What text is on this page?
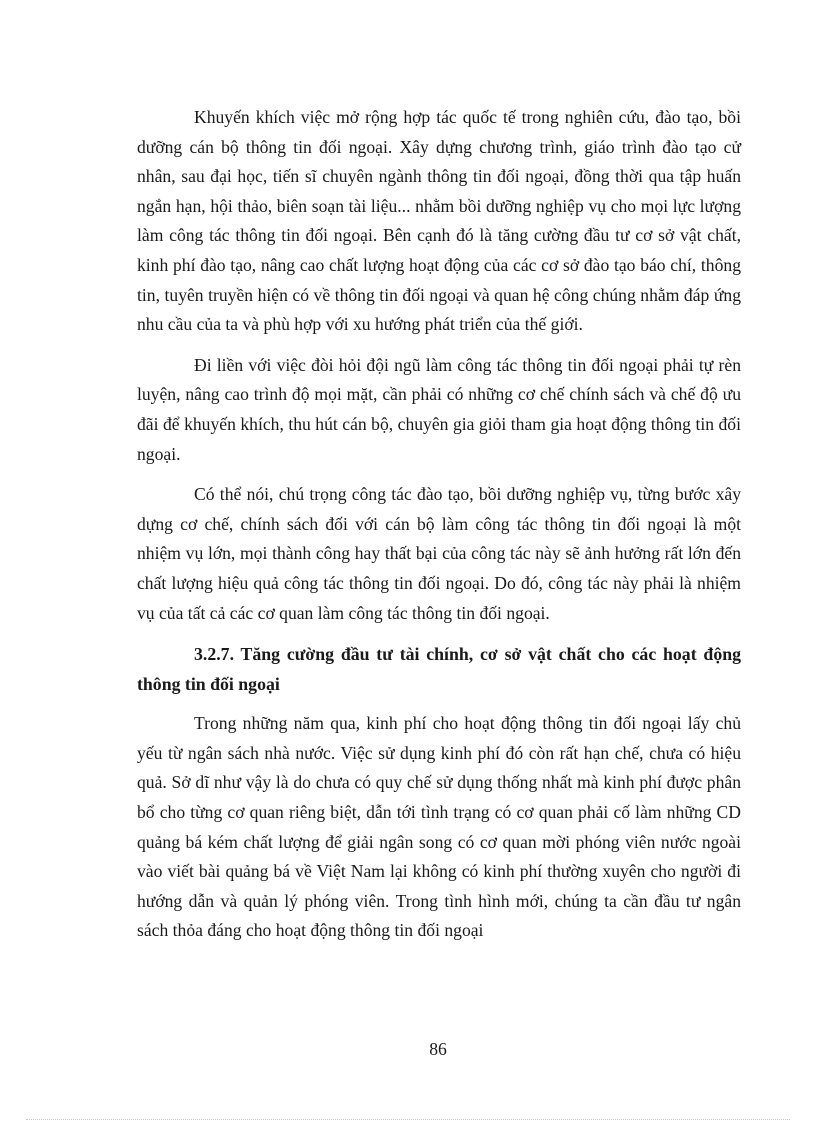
Khuyến khích việc mở rộng hợp tác quốc tế trong nghiên cứu, đào tạo, bồi dưỡng cán bộ thông tin đối ngoại. Xây dựng chương trình, giáo trình đào tạo cử nhân, sau đại học, tiến sĩ chuyên ngành thông tin đối ngoại, đồng thời qua tập huấn ngắn hạn, hội thảo, biên soạn tài liệu... nhằm bồi dưỡng nghiệp vụ cho mọi lực lượng làm công tác thông tin đối ngoại. Bên cạnh đó là tăng cường đầu tư cơ sở vật chất, kinh phí đào tạo, nâng cao chất lượng hoạt động của các cơ sở đào tạo báo chí, thông tin, tuyên truyền hiện có về thông tin đối ngoại và quan hệ công chúng nhằm đáp ứng nhu cầu của ta và phù hợp với xu hướng phát triển của thế giới.

Đi liền với việc đòi hỏi đội ngũ làm công tác thông tin đối ngoại phải tự rèn luyện, nâng cao trình độ mọi mặt, cần phải có những cơ chế chính sách và chế độ ưu đãi để khuyến khích, thu hút cán bộ, chuyên gia giỏi tham gia hoạt động thông tin đối ngoại.

Có thể nói, chú trọng công tác đào tạo, bồi dưỡng nghiệp vụ, từng bước xây dựng cơ chế, chính sách đối với cán bộ làm công tác thông tin đối ngoại là một nhiệm vụ lớn, mọi thành công hay thất bại của công tác này sẽ ảnh hưởng rất lớn đến chất lượng hiệu quả công tác thông tin đối ngoại. Do đó, công tác này phải là nhiệm vụ của tất cả các cơ quan làm công tác thông tin đối ngoại.

3.2.7. Tăng cường đầu tư tài chính, cơ sở vật chất cho các hoạt động thông tin đối ngoại

Trong những năm qua, kinh phí cho hoạt động thông tin đối ngoại lấy chủ yếu từ ngân sách nhà nước. Việc sử dụng kinh phí đó còn rất hạn chế, chưa có hiệu quả. Sở dĩ như vậy là do chưa có quy chế sử dụng thống nhất mà kinh phí được phân bổ cho từng cơ quan riêng biệt, dẫn tới tình trạng có cơ quan phải cố làm những CD quảng bá kém chất lượng để giải ngân song có cơ quan mời phóng viên nước ngoài vào viết bài quảng bá về Việt Nam lại không có kinh phí thường xuyên cho người đi hướng dẫn và quản lý phóng viên. Trong tình hình mới, chúng ta cần đầu tư ngân sách thỏa đáng cho hoạt động thông tin đối ngoại

86
